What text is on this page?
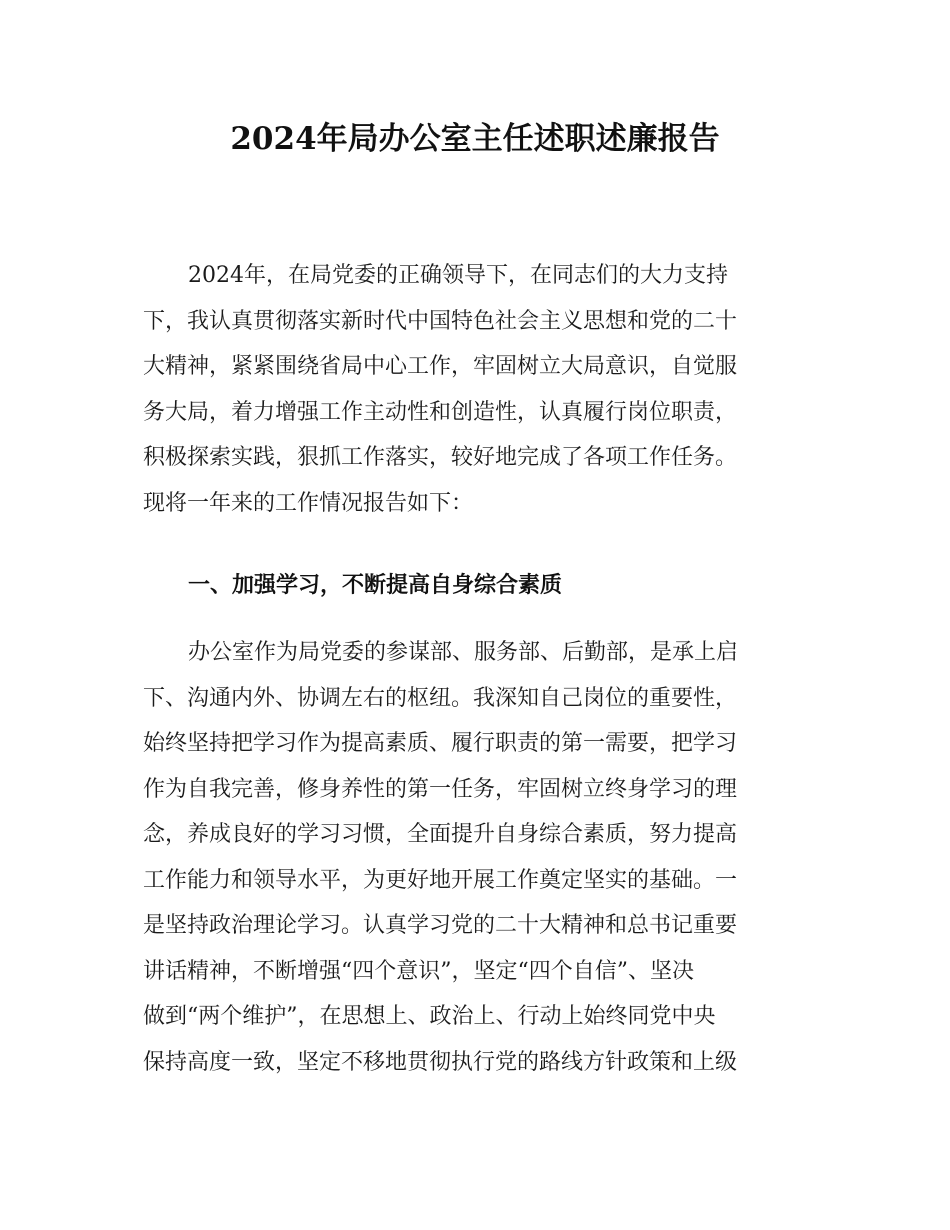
2024年局办公室主任述职述廉报告
2024年，在局党委的正确领导下，在同志们的大力支持
下，我认真贯彻落实新时代中国特色社会主义思想和党的二十
大精神，紧紧围绕省局中心工作，牢固树立大局意识，自觉服
务大局，着力增强工作主动性和创造性，认真履行岗位职责，
积极探索实践，狠抓工作落实，较好地完成了各项工作任务。
现将一年来的工作情况报告如下：
一、加强学习，不断提高自身综合素质
办公室作为局党委的参谋部、服务部、后勤部，是承上启
下、沟通内外、协调左右的枢纽。我深知自己岗位的重要性，
始终坚持把学习作为提高素质、履行职责的第一需要，把学习
作为自我完善，修身养性的第一任务，牢固树立终身学习的理
念，养成良好的学习习惯，全面提升自身综合素质，努力提高
工作能力和领导水平，为更好地开展工作奠定坚实的基础。一
是坚持政治理论学习。认真学习党的二十大精神和总书记重要
讲话精神，不断增强“四个意识”，坚定“四个自信”、坚决
做到“两个维护”，在思想上、政治上、行动上始终同党中央
保持高度一致，坚定不移地贯彻执行党的路线方针政策和上级
